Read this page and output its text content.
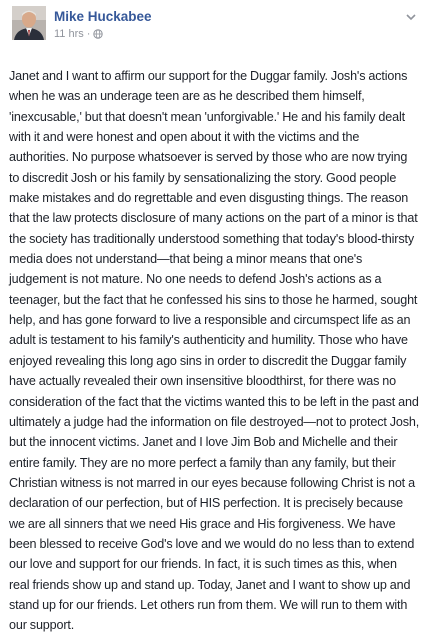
Mike Huckabee
11 hrs ·
Janet and I want to affirm our support for the Duggar family. Josh's actions when he was an underage teen are as he described them himself, 'inexcusable,' but that doesn't mean 'unforgivable.' He and his family dealt with it and were honest and open about it with the victims and the authorities. No purpose whatsoever is served by those who are now trying to discredit Josh or his family by sensationalizing the story. Good people make mistakes and do regrettable and even disgusting things. The reason that the law protects disclosure of many actions on the part of a minor is that the society has traditionally understood something that today's blood-thirsty media does not understand—that being a minor means that one's judgement is not mature. No one needs to defend Josh's actions as a teenager, but the fact that he confessed his sins to those he harmed, sought help, and has gone forward to live a responsible and circumspect life as an adult is testament to his family's authenticity and humility. Those who have enjoyed revealing this long ago sins in order to discredit the Duggar family have actually revealed their own insensitive bloodthirst, for there was no consideration of the fact that the victims wanted this to be left in the past and ultimately a judge had the information on file destroyed—not to protect Josh, but the innocent victims. Janet and I love Jim Bob and Michelle and their entire family. They are no more perfect a family than any family, but their Christian witness is not marred in our eyes because following Christ is not a declaration of our perfection, but of HIS perfection. It is precisely because we are all sinners that we need His grace and His forgiveness. We have been blessed to receive God's love and we would do no less than to extend our love and support for our friends. In fact, it is such times as this, when real friends show up and stand up. Today, Janet and I want to show up and stand up for our friends. Let others run from them. We will run to them with our support.
